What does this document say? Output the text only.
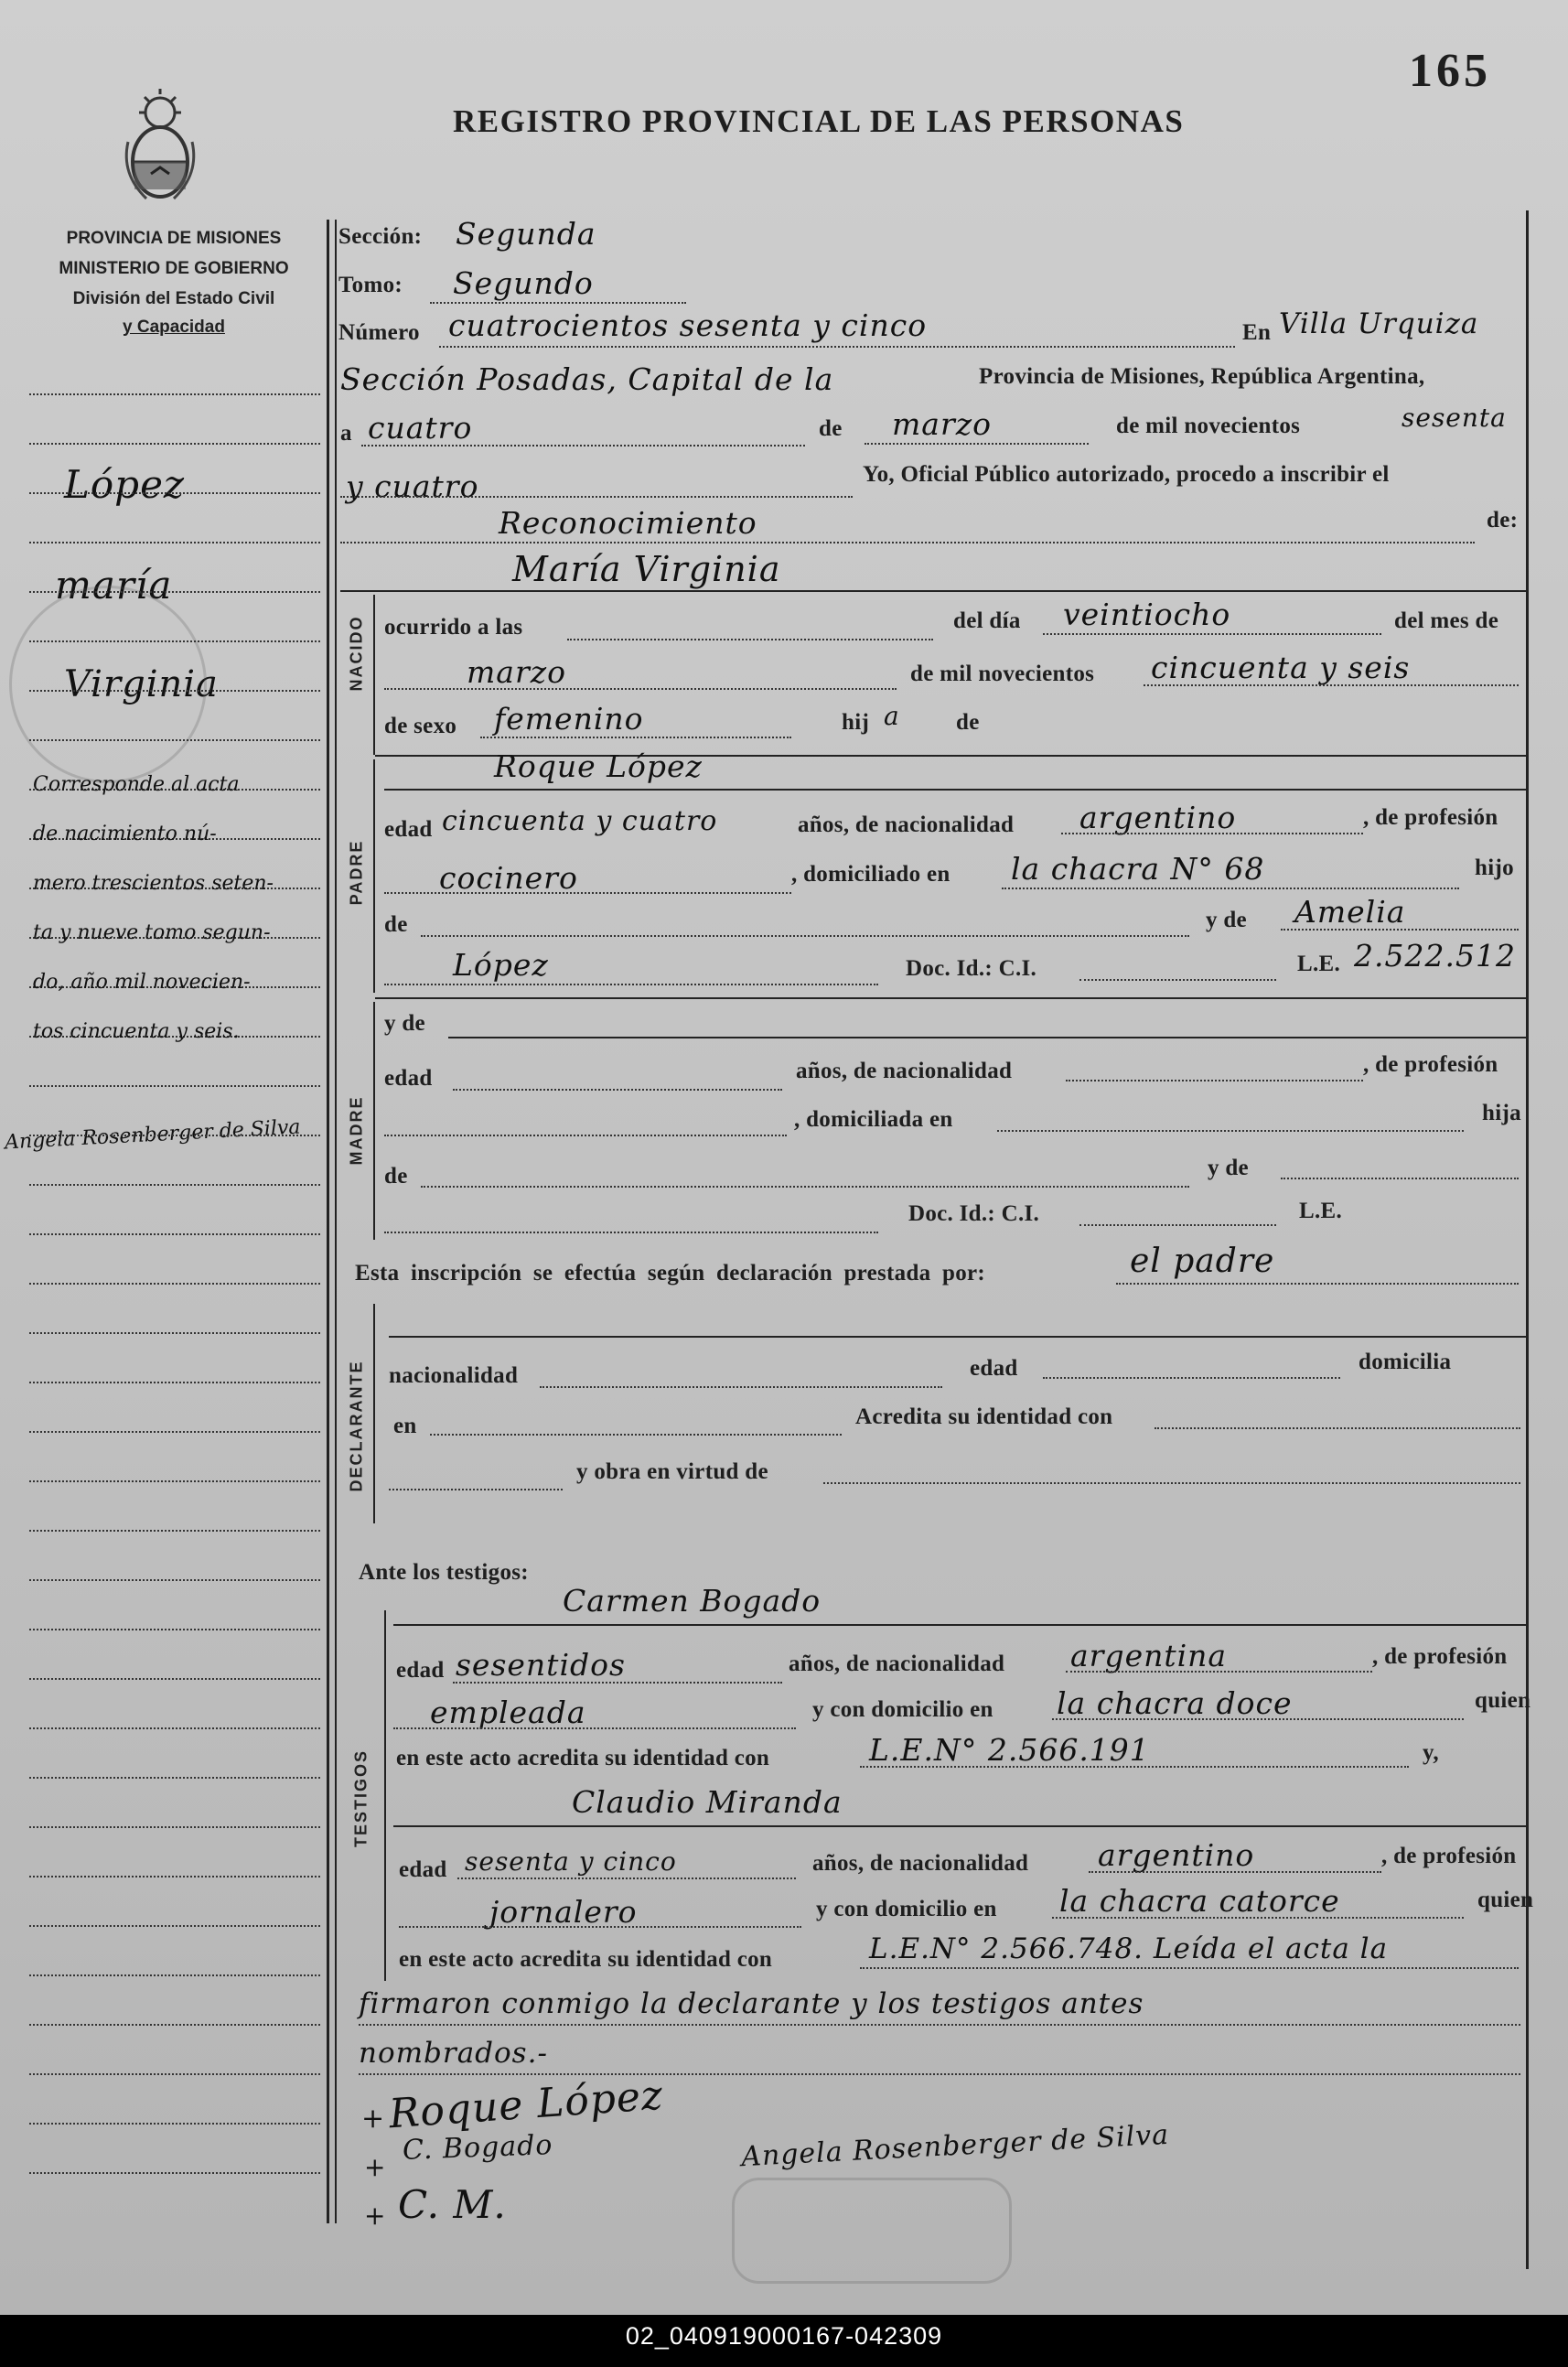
165
REGISTRO PROVINCIAL DE LAS PERSONAS
PROVINCIA DE MISIONES
MINISTERIO DE GOBIERNO
División del Estado Civil
y Capacidad
López
maría
Virginia
Angela Rosenberger de Silva
Sección: Segunda
Tomo: Segundo
Número cuatrocientos sesenta y cinco	En Villa Urquiza
Sección Posadas, Capital de la	Provincia de Misiones, República Argentina,
a cuatro	de marzo	de mil novecientos	sesenta
y cuatro	Yo, Oficial Público autorizado, procedo a inscribir el
Reconocimiento	de:
María Virginia
NACIDO ocurrido a las	del día veintiocho	del mes de
marzo	de mil novecientos cincuenta y seis
de sexo femenino	hij a de
PADRE
Roque López
edad cincuenta y cuatro	años, de nacionalidad argentino	, de profesión
cocinero	, domiciliado en la chacra N° 68	hijo
de	y de Amelia
López	Doc. Id.: C.I.	L.E. 2.522.512
MADRE
y de
edad	años, de nacionalidad	, de profesión
, domiciliada en	hija
de	y de
Doc. Id.: C.I.	L.E.
Esta inscripción se efectúa según declaración prestada por:	el padre
DECLARANTE nacionalidad	edad	domicilia
en	Acredita su identidad con
y obra en virtud de
Ante los testigos:
TESTIGOS
Carmen Bogado
edad sesentidos	años, de nacionalidad argentina	, de profesión
empleada	y con domicilio en la chacra doce	quien
en este acto acredita su identidad con	L.E.N° 2.566.191	y,
Claudio Miranda
edad sesenta y cinco	años, de nacionalidad argentino	, de profesión
jornalero	y con domicilio en la chacra catorce	quien
en este acto acredita su identidad con	L.E.N° 2.566.748. Leída el acta la
firmaron conmigo la declarante y los testigos antes
nombrados.-
+ Roque López
C. Bogado
+	Angela Rosenberger de Silva
+ C. M.
Corresponde al acta
de nacimiento nú-
mero trescientos seten-
ta y nueve tomo segun-
do, año mil novecien-
tos cincuenta y seis.
02_040919000167-042309
